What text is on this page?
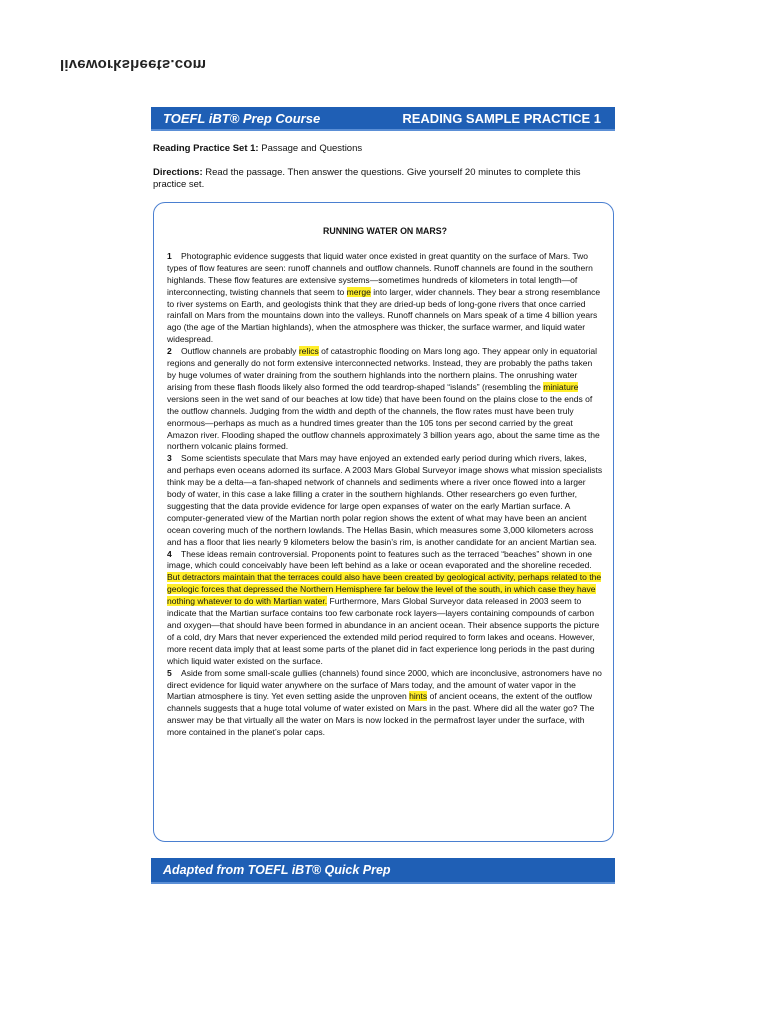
liveworksheets.com
TOEFL iBT® Prep Course	READING SAMPLE PRACTICE 1
Reading Practice Set 1: Passage and Questions
Directions: Read the passage. Then answer the questions. Give yourself 20 minutes to complete this practice set.
RUNNING WATER ON MARS?

1 Photographic evidence suggests that liquid water once existed in great quantity on the surface of Mars. Two types of flow features are seen: runoff channels and outflow channels. Runoff channels are found in the southern highlands. These flow features are extensive systems—sometimes hundreds of kilometers in total length—of interconnecting, twisting channels that seem to merge into larger, wider channels. They bear a strong resemblance to river systems on Earth, and geologists think that they are dried-up beds of long-gone rivers that once carried rainfall on Mars from the mountains down into the valleys. Runoff channels on Mars speak of a time 4 billion years ago (the age of the Martian highlands), when the atmosphere was thicker, the surface warmer, and liquid water widespread.

2 Outflow channels are probably relics of catastrophic flooding on Mars long ago. They appear only in equatorial regions and generally do not form extensive interconnected networks. Instead, they are probably the paths taken by huge volumes of water draining from the southern highlands into the northern plains. The onrushing water arising from these flash floods likely also formed the odd teardrop-shaped “islands” (resembling the miniature versions seen in the wet sand of our beaches at low tide) that have been found on the plains close to the ends of the outflow channels. Judging from the width and depth of the channels, the flow rates must have been truly enormous—perhaps as much as a hundred times greater than the 105 tons per second carried by the great Amazon river. Flooding shaped the outflow channels approximately 3 billion years ago, about the same time as the northern volcanic plains formed.

3 Some scientists speculate that Mars may have enjoyed an extended early period during which rivers, lakes, and perhaps even oceans adorned its surface. A 2003 Mars Global Surveyor image shows what mission specialists think may be a delta—a fan-shaped network of channels and sediments where a river once flowed into a larger body of water, in this case a lake filling a crater in the southern highlands. Other researchers go even further, suggesting that the data provide evidence for large open expanses of water on the early Martian surface. A computer-generated view of the Martian north polar region shows the extent of what may have been an ancient ocean covering much of the northern lowlands. The Hellas Basin, which measures some 3,000 kilometers across and has a floor that lies nearly 9 kilometers below the basin’s rim, is another candidate for an ancient Martian sea.

4 These ideas remain controversial. Proponents point to features such as the terraced “beaches” shown in one image, which could conceivably have been left behind as a lake or ocean evaporated and the shoreline receded. But detractors maintain that the terraces could also have been created by geological activity, perhaps related to the geologic forces that depressed the Northern Hemisphere far below the level of the south, in which case they have nothing whatever to do with Martian water. Furthermore, Mars Global Surveyor data released in 2003 seem to indicate that the Martian surface contains too few carbonate rock layers—layers containing compounds of carbon and oxygen—that should have been formed in abundance in an ancient ocean. Their absence supports the picture of a cold, dry Mars that never experienced the extended mild period required to form lakes and oceans. However, more recent data imply that at least some parts of the planet did in fact experience long periods in the past during which liquid water existed on the surface.

5 Aside from some small-scale gullies (channels) found since 2000, which are inconclusive, astronomers have no direct evidence for liquid water anywhere on the surface of Mars today, and the amount of water vapor in the Martian atmosphere is tiny. Yet even setting aside the unproven hints of ancient oceans, the extent of the outflow channels suggests that a huge total volume of water existed on Mars in the past. Where did all the water go? The answer may be that virtually all the water on Mars is now locked in the permafrost layer under the surface, with more contained in the planet’s polar caps.

Adapted from TOEFL iBT® Quick Prep
